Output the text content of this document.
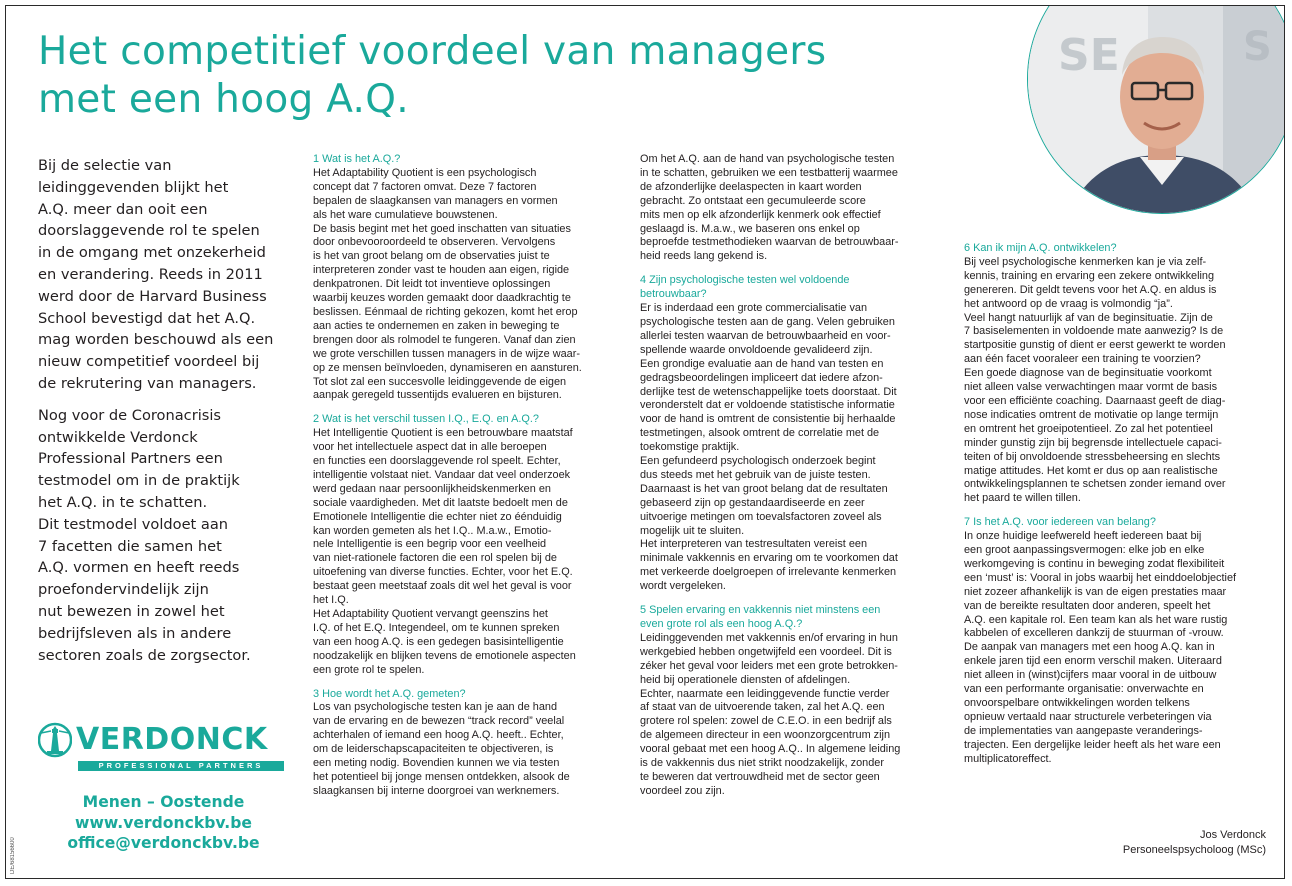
Het competitief voordeel van managers
met een hoog A.Q.
SE	S

Bij de selectie van
leidinggevenden blijkt het
A.Q. meer dan ooit een
doorslaggevende rol te spelen
in de omgang met onzekerheid
en verandering. Reeds in 2011
werd door de Harvard Business
School bevestigd dat het A.Q.
mag worden beschouwd als een
nieuw competitief voordeel bij
de rekrutering van managers.

Nog voor de Coronacrisis
ontwikkelde Verdonck
Professional Partners een
testmodel om in de praktijk
het A.Q. in te schatten.
Dit testmodel voldoet aan
7 facetten die samen het
A.Q. vormen en heeft reeds
proefondervindelijk zijn
nut bewezen in zowel het
bedrijfsleven als in andere
sectoren zoals de zorgsector.

1 Wat is het A.Q.?

Het Adaptability Quotient is een psychologisch
concept dat 7 factoren omvat. Deze 7 factoren
bepalen de slaagkansen van managers en vormen
als het ware cumulatieve bouwstenen.
De basis begint met het goed inschatten van situaties
door onbevooroordeeld te observeren. Vervolgens
is het van groot belang om de observaties juist te
interpreteren zonder vast te houden aan eigen, rigide
denkpatronen. Dit leidt tot inventieve oplossingen
waarbij keuzes worden gemaakt door daadkrachtig te
beslissen. Eénmaal de richting gekozen, komt het erop
aan acties te ondernemen en zaken in beweging te
brengen door als rolmodel te fungeren. Vanaf dan zien
we grote verschillen tussen managers in de wijze waar-
op ze mensen beïnvloeden, dynamiseren en aansturen.
Tot slot zal een succesvolle leidinggevende de eigen
aanpak geregeld tussentijds evalueren en bijsturen.

2 Wat is het verschil tussen I.Q., E.Q. en A.Q.?

Het Intelligentie Quotient is een betrouwbare maatstaf
voor het intellectuele aspect dat in alle beroepen
en functies een doorslaggevende rol speelt. Echter,
intelligentie volstaat niet. Vandaar dat veel onderzoek
werd gedaan naar persoonlijkheidskenmerken en
sociale vaardigheden. Met dit laatste bedoelt men de
Emotionele Intelligentie die echter niet zo éénduidig
kan worden gemeten als het I.Q.. M.a.w., Emotio-
nele Intelligentie is een begrip voor een veelheid
van niet-rationele factoren die een rol spelen bij de
uitoefening van diverse functies. Echter, voor het E.Q.
bestaat geen meetstaaf zoals dit wel het geval is voor
het I.Q.
Het Adaptability Quotient vervangt geenszins het
I.Q. of het E.Q. Integendeel, om te kunnen spreken
van een hoog A.Q. is een gedegen basisintelligentie
noodzakelijk en blijken tevens de emotionele aspecten
een grote rol te spelen.

3 Hoe wordt het A.Q. gemeten?

Los van psychologische testen kan je aan de hand
van de ervaring en de bewezen “track record” veelal
achterhalen of iemand een hoog A.Q. heeft.. Echter,
om de leiderschapscapaciteiten te objectiveren, is
een meting nodig. Bovendien kunnen we via testen
het potentieel bij jonge mensen ontdekken, alsook de
slaagkansen bij interne doorgroei van werknemers.

Om het A.Q. aan de hand van psychologische testen
in te schatten, gebruiken we een testbatterij waarmee
de afzonderlijke deelaspecten in kaart worden
gebracht. Zo ontstaat een gecumuleerde score
mits men op elk afzonderlijk kenmerk ook effectief
geslaagd is. M.a.w., we baseren ons enkel op
beproefde testmethodieken waarvan de betrouwbaar-
heid reeds lang gekend is.

4 Zijn psychologische testen wel voldoende
betrouwbaar?

Er is inderdaad een grote commercialisatie van
psychologische testen aan de gang. Velen gebruiken
allerlei testen waarvan de betrouwbaarheid en voor-
spellende waarde onvoldoende gevalideerd zijn.
Een grondige evaluatie aan de hand van testen en
gedragsbeoordelingen impliceert dat iedere afzon-
derlijke test de wetenschappelijke toets doorstaat. Dit
veronderstelt dat er voldoende statistische informatie
voor de hand is omtrent de consistentie bij herhaalde
testmetingen, alsook omtrent de correlatie met de
toekomstige praktijk.
Een gefundeerd psychologisch onderzoek begint
dus steeds met het gebruik van de juiste testen.
Daarnaast is het van groot belang dat de resultaten
gebaseerd zijn op gestandaardiseerde en zeer
uitvoerige metingen om toevalsfactoren zoveel als
mogelijk uit te sluiten.
Het interpreteren van testresultaten vereist een
minimale vakkennis en ervaring om te voorkomen dat
met verkeerde doelgroepen of irrelevante kenmerken
wordt vergeleken.

5 Spelen ervaring en vakkennis niet minstens een
even grote rol als een hoog A.Q.?

Leidinggevenden met vakkennis en/of ervaring in hun
werkgebied hebben ongetwijfeld een voordeel. Dit is
zéker het geval voor leiders met een grote betrokken-
heid bij operationele diensten of afdelingen.
Echter, naarmate een leidinggevende functie verder
af staat van de uitvoerende taken, zal het A.Q. een
grotere rol spelen: zowel de C.E.O. in een bedrijf als
de algemeen directeur in een woonzorgcentrum zijn
vooral gebaat met een hoog A.Q.. In algemene leiding
is de vakkennis dus niet strikt noodzakelijk, zonder
te beweren dat vertrouwdheid met de sector geen
voordeel zou zijn.

6 Kan ik mijn A.Q. ontwikkelen?

Bij veel psychologische kenmerken kan je via zelf-
kennis, training en ervaring een zekere ontwikkeling
genereren. Dit geldt tevens voor het A.Q. en aldus is
het antwoord op de vraag is volmondig “ja”.
Veel hangt natuurlijk af van de beginsituatie. Zijn de
7 basiselementen in voldoende mate aanwezig? Is de
startpositie gunstig of dient er eerst gewerkt te worden
aan één facet vooraleer een training te voorzien?
Een goede diagnose van de beginsituatie voorkomt
niet alleen valse verwachtingen maar vormt de basis
voor een efficiënte coaching. Daarnaast geeft de diag-
nose indicaties omtrent de motivatie op lange termijn
en omtrent het groeipotentieel. Zo zal het potentieel
minder gunstig zijn bij begrensde intellectuele capaci-
teiten of bij onvoldoende stressbeheersing en slechts
matige attitudes. Het komt er dus op aan realistische
ontwikkelingsplannen te schetsen zonder iemand over
het paard te willen tillen.

7 Is het A.Q. voor iedereen van belang?

In onze huidige leefwereld heeft iedereen baat bij
een groot aanpassingsvermogen: elke job en elke
werkomgeving is continu in beweging zodat flexibiliteit
een ‘must’ is: Vooral in jobs waarbij het einddoelobjectief
niet zozeer afhankelijk is van de eigen prestaties maar
van de bereikte resultaten door anderen, speelt het
A.Q. een kapitale rol. Een team kan als het ware rustig
kabbelen of excelleren dankzij de stuurman of -vrouw.
De aanpak van managers met een hoog A.Q. kan in
enkele jaren tijd een enorm verschil maken. Uiteraard
niet alleen in (winst)cijfers maar vooral in de uitbouw
van een performante organisatie: onverwachte en
onvoorspelbare ontwikkelingen worden telkens
opnieuw vertaald naar structurele verbeteringen via
de implementaties van aangepaste veranderings-
trajecten. Een dergelijke leider heeft als het ware een
multiplicatoreffect.

VERDONCK
PROFESSIONAL PARTNERS
Menen – Oostende
www.verdonckbv.be
office@verdonckbv.be	Jos Verdonck
Personeelspsycholoog (MSc)
DE/68156600
